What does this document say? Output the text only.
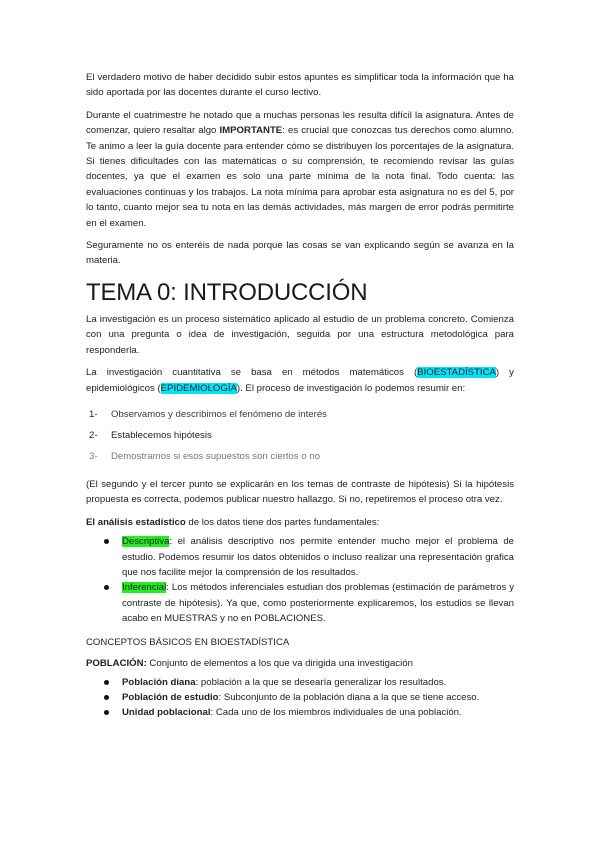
El verdadero motivo de haber decidido subir estos apuntes es simplificar toda la información que ha sido aportada por las docentes durante el curso lectivo.

Durante el cuatrimestre he notado que a muchas personas les resulta difícil la asignatura. Antes de comenzar, quiero resaltar algo IMPORTANTE: es crucial que conozcas tus derechos como alumno. Te animo a leer la guía docente para entender cómo se distribuyen los porcentajes de la asignatura. Si tienes dificultades con las matemáticas o su comprensión, te recomiendo revisar las guías docentes, ya que el examen es solo una parte mínima de la nota final. Todo cuenta: las evaluaciones continuas y los trabajos. La nota mínima para aprobar esta asignatura no es del 5, por lo tanto, cuanto mejor sea tu nota en las demás actividades, más margen de error podrás permitirte en el examen.

Seguramente no os enteréis de nada porque las cosas se van explicando según se avanza en la materia.

TEMA 0: INTRODUCCIÓN

La investigación es un proceso sistemático aplicado al estudio de un problema concreto. Comienza con una pregunta o idea de investigación, seguida por una estructura metodológica para responderla.

La investigación cuantitativa se basa en métodos matemáticos (BIOESTADÍSTICA) y epidemiológicos (EPIDEMIOLOGÍA). El proceso de investigación lo podemos resumir en:

1-	Observamos y describimos el fenómeno de interés
2-	Establecemos hipótesis
3-	Demostramos si esos supuestos son ciertos o no

(El segundo y el tercer punto se explicarán en los temas de contraste de hipótesis) Si la hipótesis propuesta es correcta, podemos publicar nuestro hallazgo. Si no, repetiremos el proceso otra vez.

El análisis estadístico de los datos tiene dos partes fundamentales:

Descriptiva: el análisis descriptivo nos permite entender mucho mejor el problema de estudio. Podemos resumir los datos obtenidos o incluso realizar una representación grafica que nos facilite mejor la comprensión de los resultados.
Inferencial: Los métodos inferenciales estudian dos problemas (estimación de parámetros y contraste de hipótesis). Ya que, como posteriormente explicaremos, los estudios se llevan acabo en MUESTRAS y no en POBLACIONES.

CONCEPTOS BÁSICOS EN BIOESTADÍSTICA

POBLACIÓN: Conjunto de elementos a los que va dirigida una investigación

Población diana: población a la que se desearía generalizar los resultados.
Población de estudio: Subconjunto de la población diana a la que se tiene acceso.
Unidad poblacional: Cada uno de los miembros individuales de una población.
